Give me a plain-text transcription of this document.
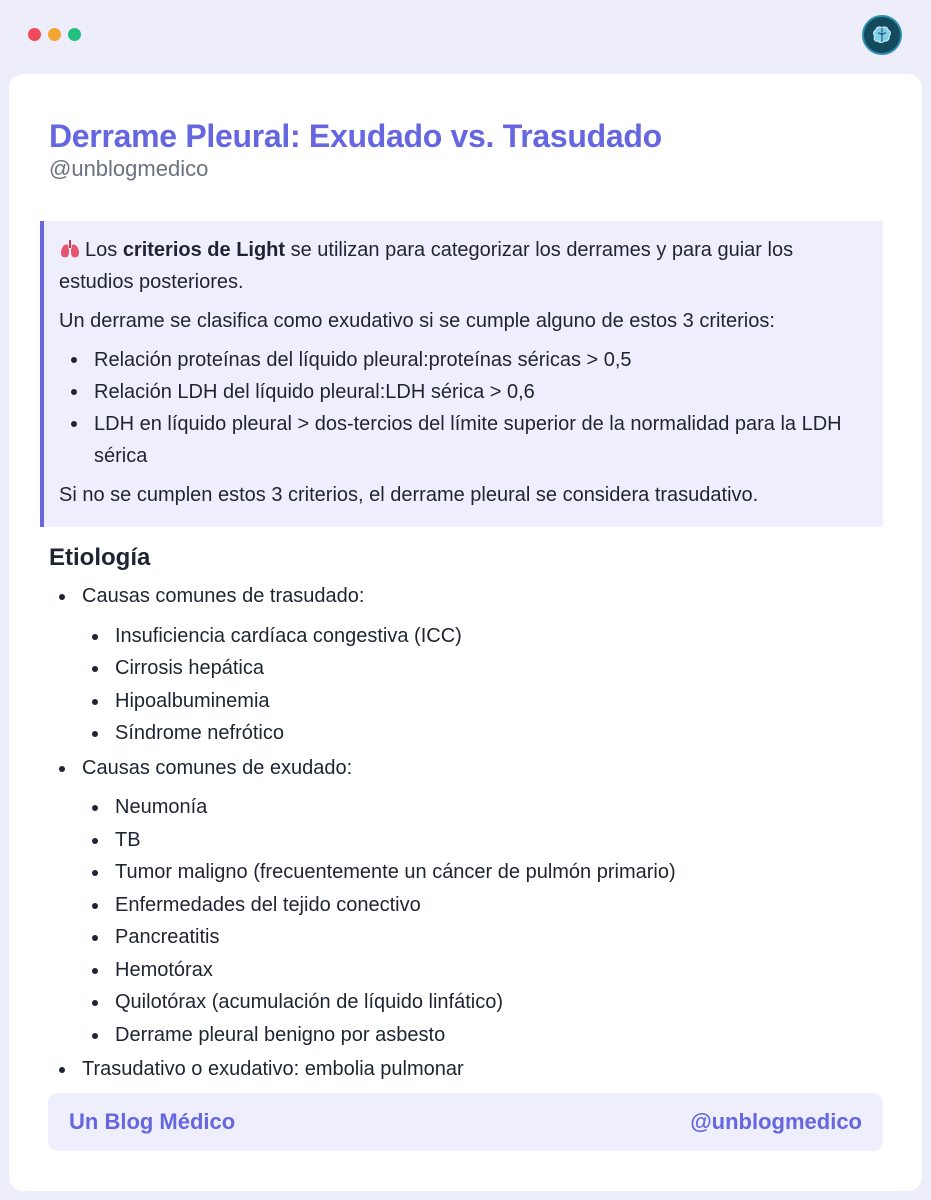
Derrame Pleural: Exudado vs. Trasudado
@unblogmedico

Los criterios de Light se utilizan para categorizar los derrames y para guiar los estudios posteriores.

Un derrame se clasifica como exudativo si se cumple alguno de estos 3 criterios:

Relación proteínas del líquido pleural:proteínas séricas > 0,5
Relación LDH del líquido pleural:LDH sérica > 0,6
LDH en líquido pleural > dos-tercios del límite superior de la normalidad para la LDH sérica

Si no se cumplen estos 3 criterios, el derrame pleural se considera trasudativo.

Etiología
Causas comunes de trasudado:
Insuficiencia cardíaca congestiva (ICC)
Cirrosis hepática
Hipoalbuminemia
Síndrome nefrótico
Causas comunes de exudado:
Neumonía
TB
Tumor maligno (frecuentemente un cáncer de pulmón primario)
Enfermedades del tejido conectivo
Pancreatitis
Hemotórax
Quilotórax (acumulación de líquido linfático)
Derrame pleural benigno por asbesto
Trasudativo o exudativo: embolia pulmonar
Un Blog Médico	@unblogmedico
